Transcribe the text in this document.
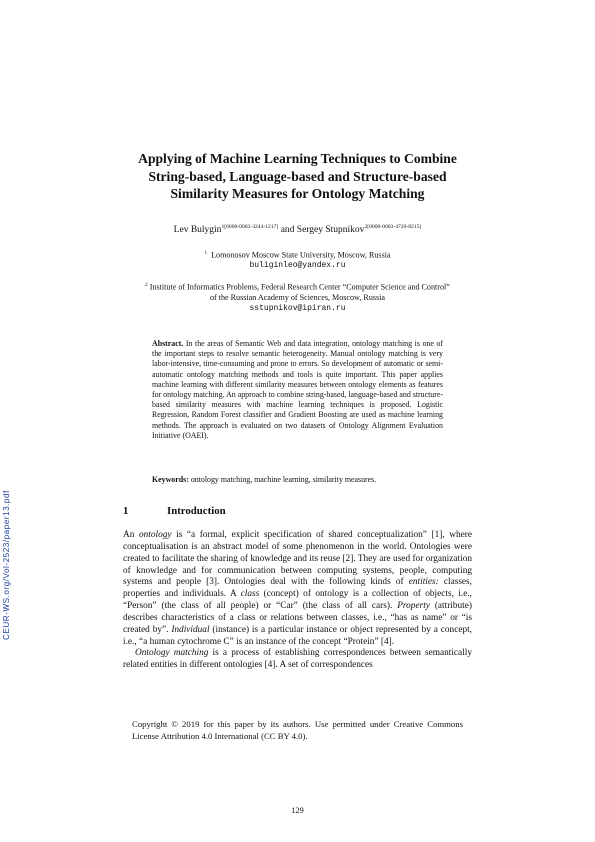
CEUR-WS.org/Vol-2523/paper13.pdf
Applying of Machine Learning Techniques to Combine
String-based, Language-based and Structure-based
Similarity Measures for Ontology Matching
Lev Bulygin$^{1[0000-0003-3244-1217]}$ and Sergey Stupnikov$^{2[0000-0003-4720-8215]}$
$^1$ Lomonosov Moscow State University, Moscow, Russia
buliginleo@yandex.ru
$^2$ Institute of Informatics Problems, Federal Research Center “Computer Science and Control”
of the Russian Academy of Sciences, Moscow, Russia
sstupnikov@ipiran.ru
Abstract. In the areas of Semantic Web and data integration, ontology matching is one of the important steps to resolve semantic heterogeneity. Manual ontology matching is very labor-intensive, time-consuming and prone to errors. So development of automatic or semi-automatic ontology matching methods and tools is quite important. This paper applies machine learning with different similarity measures between ontology elements as features for ontology matching. An approach to combine string-based, language-based and structure-based similarity measures with machine learning techniques is proposed. Logistic Regression, Random Forest classifier and Gradient Boosting are used as machine learning methods. The approach is evaluated on two datasets of Ontology Alignment Evaluation Initiative (OAEI).
Keywords: ontology matching, machine learning, similarity measures.
1	Introduction

An ontology is “a formal, explicit specification of shared conceptualization” [1], where conceptualisation is an abstract model of some phenomenon in the world. Ontologies were created to facilitate the sharing of knowledge and its reuse [2]. They are used for organization of knowledge and for communication between computing systems, people, computing systems and people [3]. Ontologies deal with the following kinds of entities: classes, properties and individuals. A class (concept) of ontology is a collection of objects, i.e., “Person” (the class of all people) or “Car” (the class of all cars). Property (attribute) describes characteristics of a class or relations between classes, i.e., “has as name” or “is created by”. Individual (instance) is a particular instance or object represented by a concept, i.e., “a human cytochrome C” is an instance of the concept “Protein” [4].

Ontology matching is a process of establishing correspondences between semantically related entities in different ontologies [4]. A set of correspondences

Copyright © 2019 for this paper by its authors. Use permitted under Creative Commons License Attribution 4.0 International (CC BY 4.0).
129
